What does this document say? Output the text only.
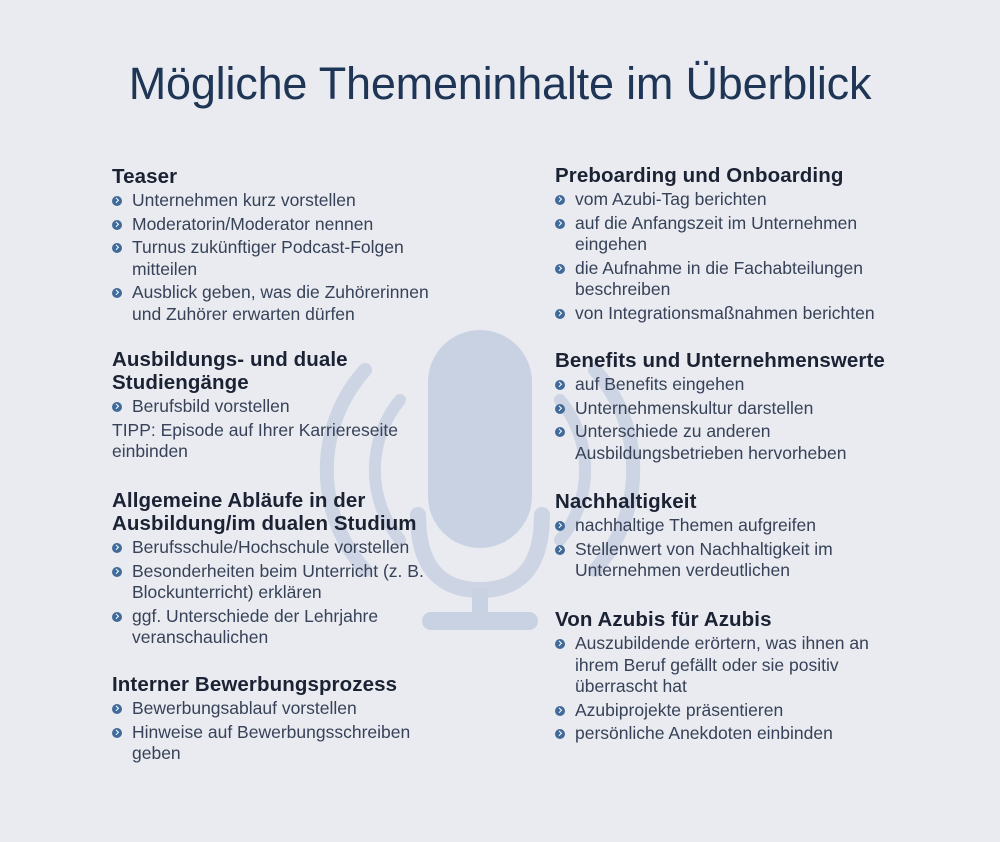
Mögliche Themeninhalte im Überblick
Teaser
Unternehmen kurz vorstellen
Moderatorin/Moderator nennen
Turnus zukünftiger Podcast-Folgen mitteilen
Ausblick geben, was die Zuhörerinnen und Zuhörer erwarten dürfen
Ausbildungs- und duale Studiengänge
Berufsbild vorstellen
TIPP: Episode auf Ihrer Karriereseite einbinden
Allgemeine Abläufe in der Ausbildung/im dualen Studium
Berufsschule/Hochschule vorstellen
Besonderheiten beim Unterricht (z. B. Blockunterricht) erklären
ggf. Unterschiede der Lehrjahre veranschaulichen
Interner Bewerbungsprozess
Bewerbungsablauf vorstellen
Hinweise auf Bewerbungsschreiben geben
Preboarding und Onboarding
vom Azubi-Tag berichten
auf die Anfangszeit im Unternehmen eingehen
die Aufnahme in die Fachabteilungen beschreiben
von Integrationsmaßnahmen berichten
Benefits und Unternehmenswerte
auf Benefits eingehen
Unternehmenskultur darstellen
Unterschiede zu anderen Ausbildungsbetrieben hervorheben
Nachhaltigkeit
nachhaltige Themen aufgreifen
Stellenwert von Nachhaltigkeit im Unternehmen verdeutlichen
Von Azubis für Azubis
Auszubildende erörtern, was ihnen an ihrem Beruf gefällt oder sie positiv überrascht hat
Azubiprojekte präsentieren
persönliche Anekdoten einbinden
